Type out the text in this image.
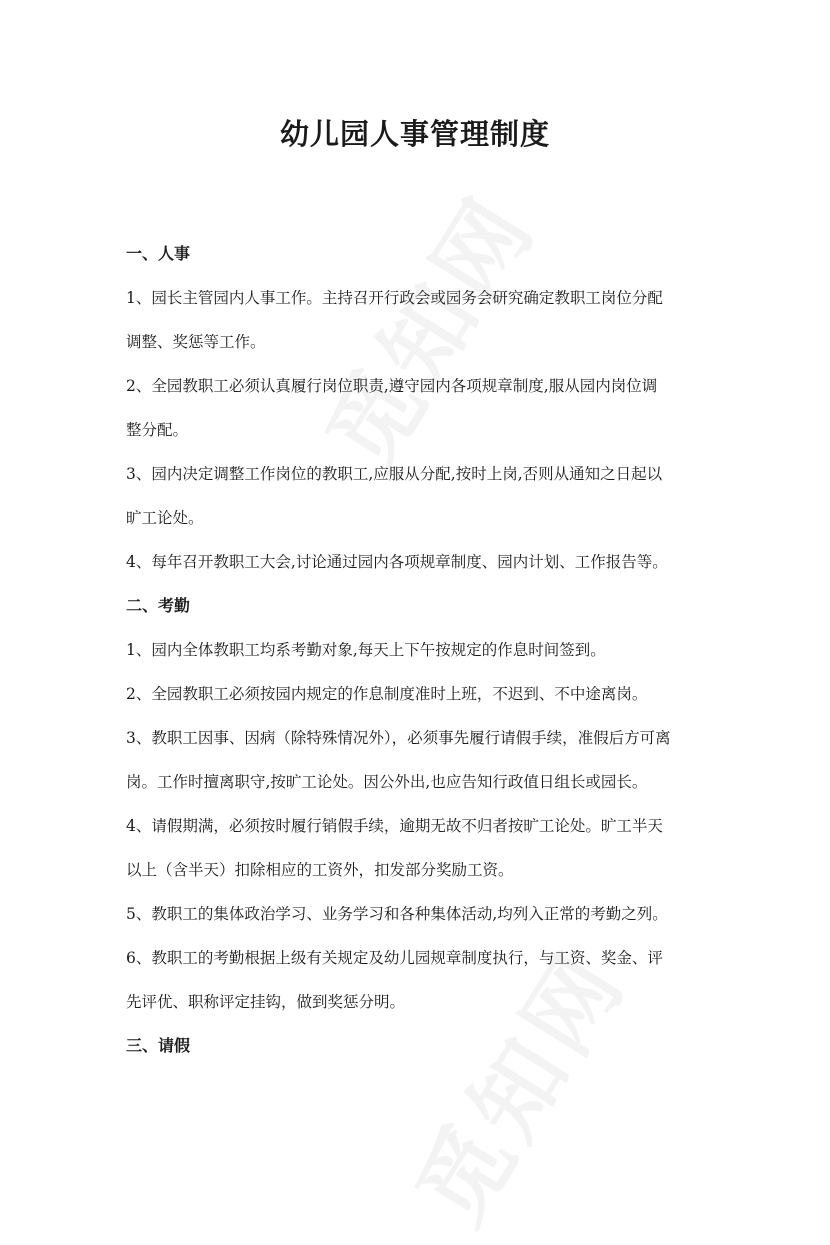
幼儿园人事管理制度
一、人事

1、园长主管园内人事工作。主持召开行政会或园务会研究确定教职工岗位分配
调整、奖惩等工作。

2、全园教职工必须认真履行岗位职责,遵守园内各项规章制度,服从园内岗位调
整分配。

3、园内决定调整工作岗位的教职工,应服从分配,按时上岗,否则从通知之日起以
旷工论处。

4、每年召开教职工大会,讨论通过园内各项规章制度、园内计划、工作报告等。

二、考勤

1、园内全体教职工均系考勤对象,每天上下午按规定的作息时间签到。

2、全园教职工必须按园内规定的作息制度准时上班，不迟到、不中途离岗。

3、教职工因事、因病（除特殊情况外），必须事先履行请假手续，准假后方可离
岗。工作时擅离职守,按旷工论处。因公外出,也应告知行政值日组长或园长。

4、请假期满，必须按时履行销假手续，逾期无故不归者按旷工论处。旷工半天
以上（含半天）扣除相应的工资外，扣发部分奖励工资。

5、教职工的集体政治学习、业务学习和各种集体活动,均列入正常的考勤之列。

6、教职工的考勤根据上级有关规定及幼儿园规章制度执行，与工资、奖金、评
先评优、职称评定挂钩，做到奖惩分明。

三、请假
